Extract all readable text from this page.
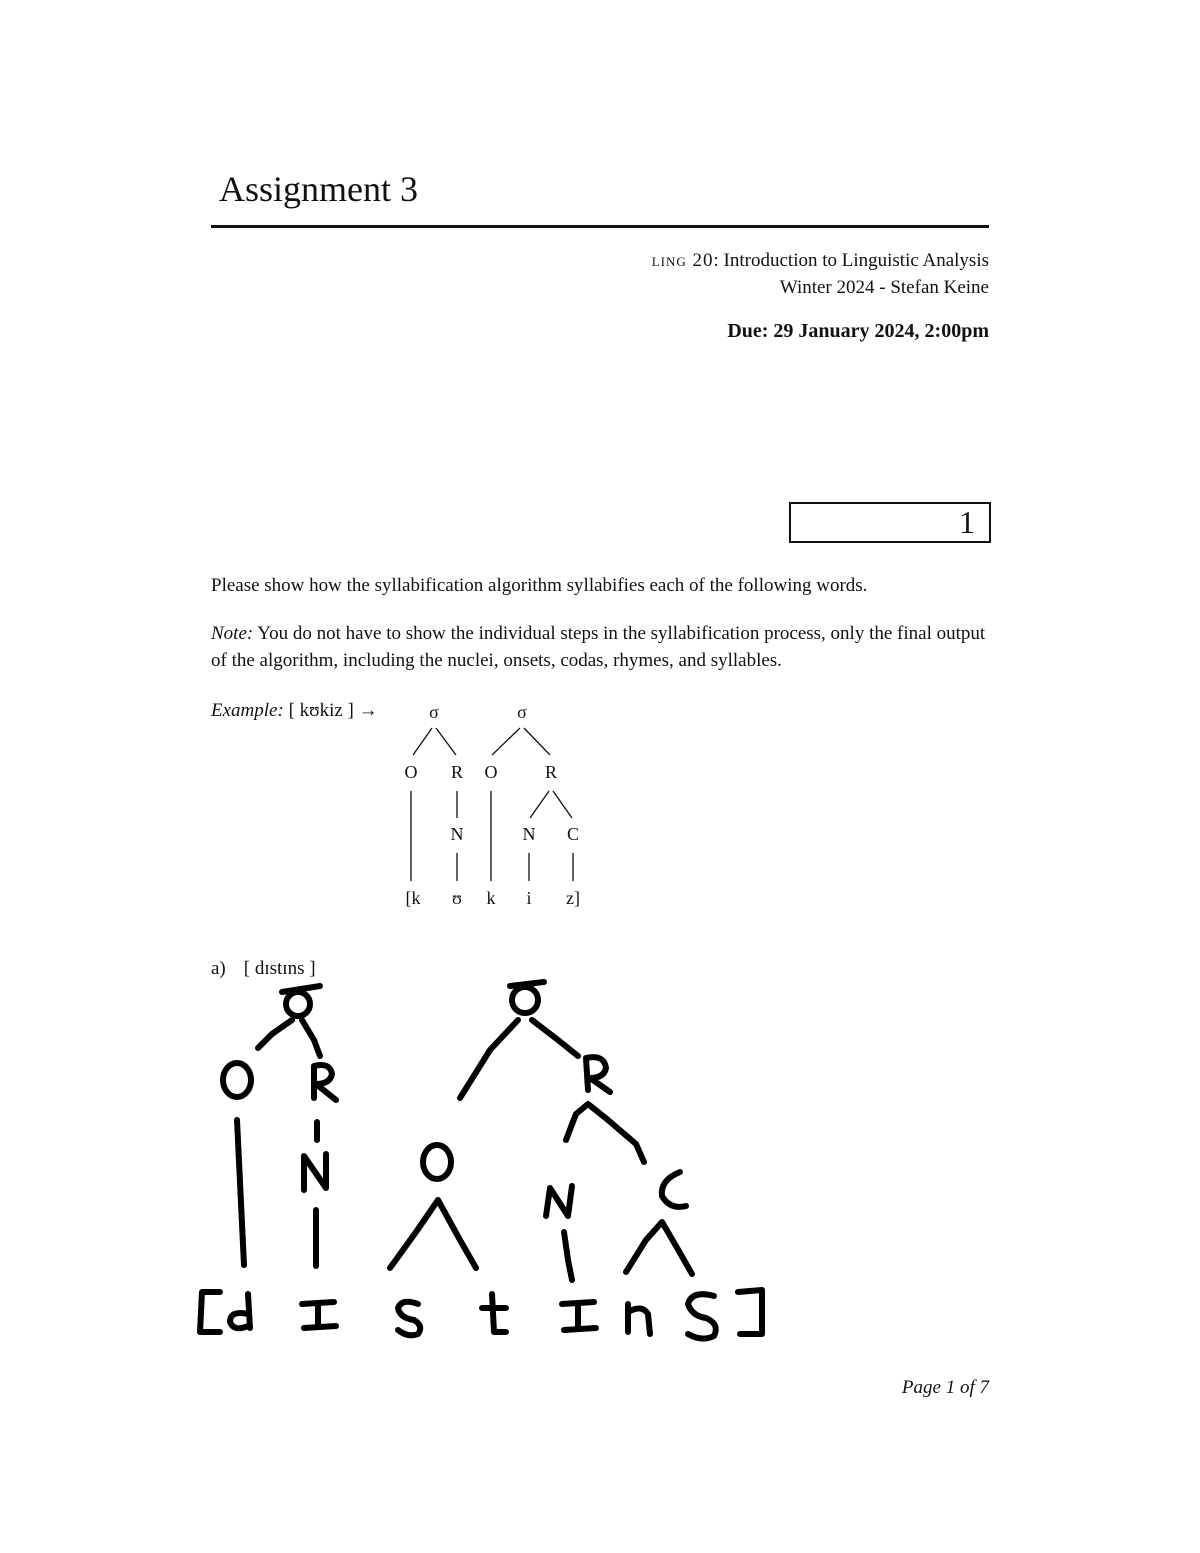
Assignment 3
ling 20: Introduction to Linguistic Analysis
Winter 2024 - Stefan Keine
Due: 29 January 2024, 2:00pm
1
Please show how the syllabification algorithm syllabifies each of the following words.
Note: You do not have to show the individual steps in the syllabification process, only the final output of the algorithm, including the nuclei, onsets, codas, rhymes, and syllables.
Example: [ kʊkiz ] →	σ	σ
O R O	R
N	N C
[k ʊ k i z]
a) [ dɪstɪns ]
Page 1 of 7
